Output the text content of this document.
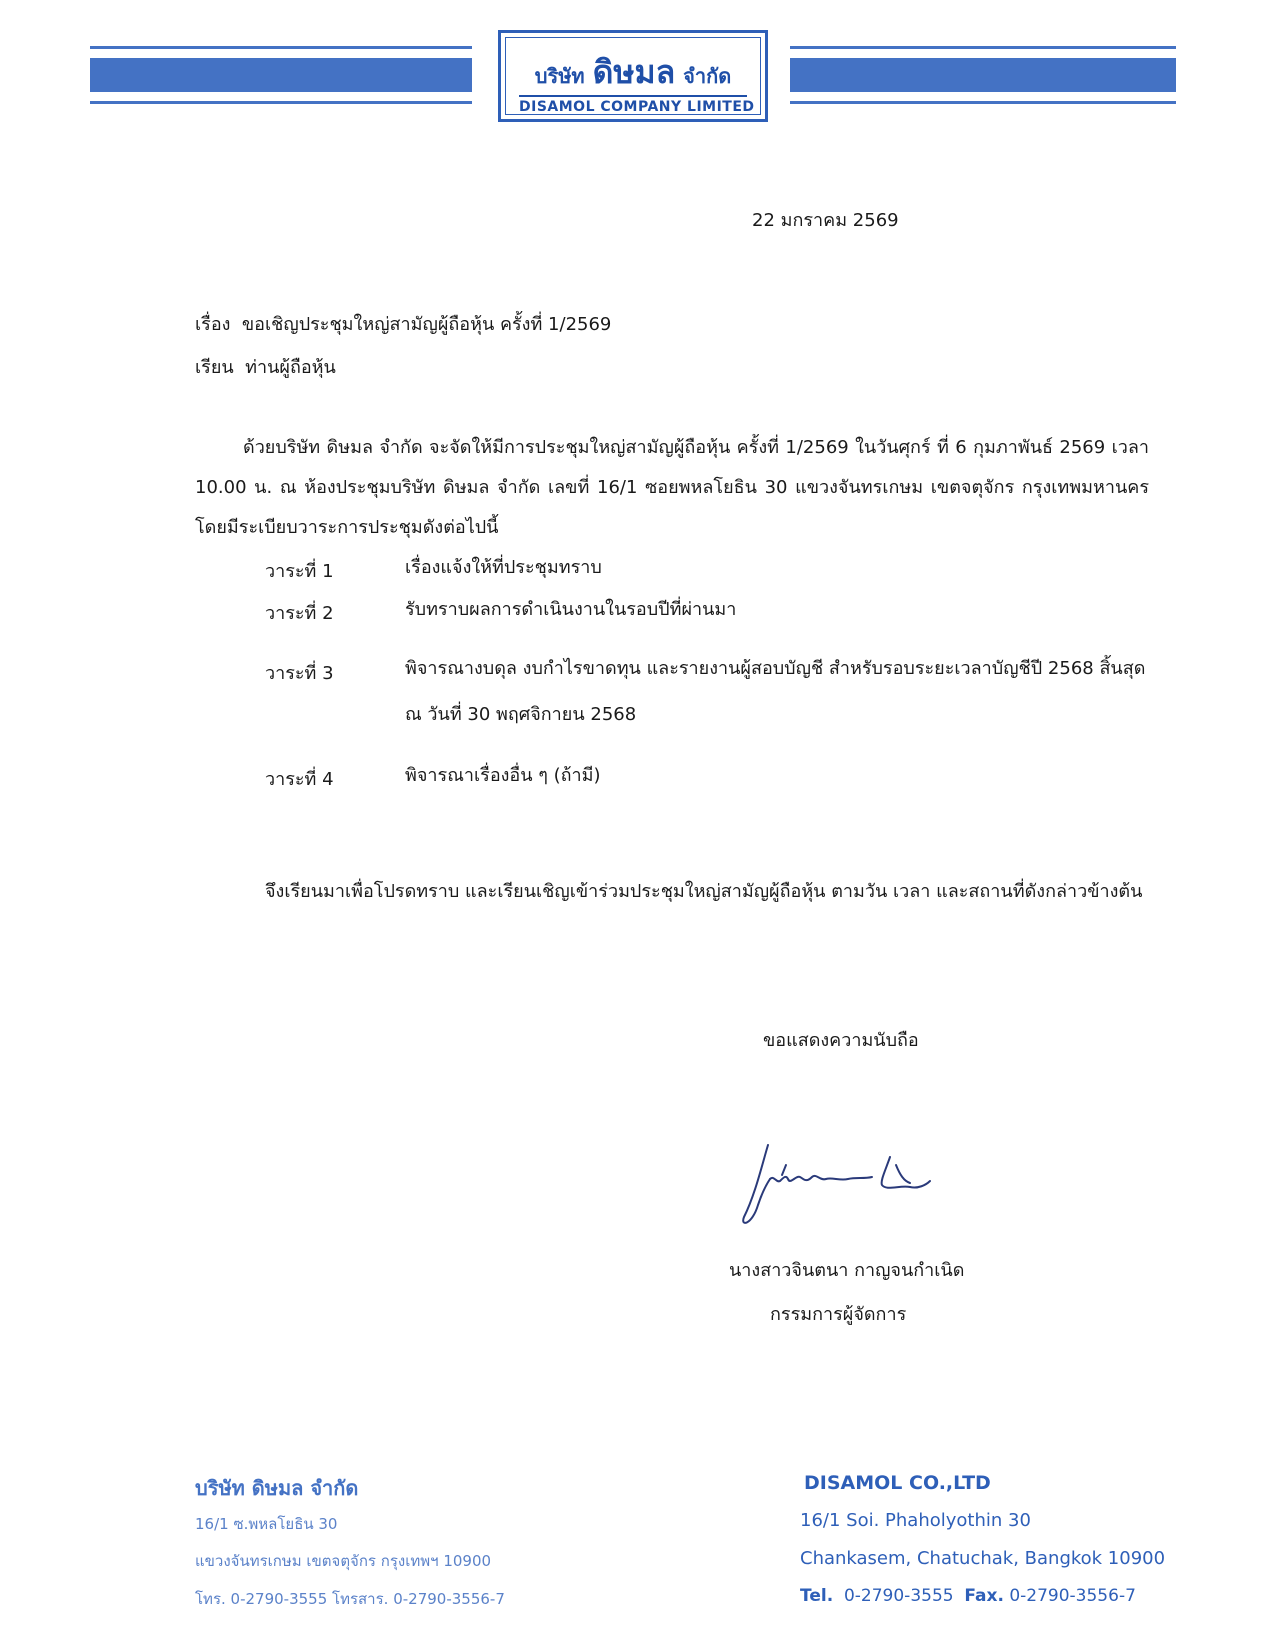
บริษัท ดิษมล จำกัด
DISAMOL COMPANY LIMITED
22 มกราคม 2569
เรื่อง ขอเชิญประชุมใหญ่สามัญผู้ถือหุ้น ครั้งที่ 1/2569
เรียน ท่านผู้ถือหุ้น
ด้วยบริษัท ดิษมล จำกัด จะจัดให้มีการประชุมใหญ่สามัญผู้ถือหุ้น ครั้งที่ 1/2569 ในวันศุกร์ ที่ 6 กุมภาพันธ์ 2569 เวลา 10.00 น. ณ ห้องประชุมบริษัท ดิษมล จำกัด เลขที่ 16/1 ซอยพหลโยธิน 30 แขวงจันทรเกษม เขตจตุจักร กรุงเทพมหานคร โดยมีระเบียบวาระการประชุมดังต่อไปนี้
วาระที่ 1	เรื่องแจ้งให้ที่ประชุมทราบ
วาระที่ 2	รับทราบผลการดำเนินงานในรอบปีที่ผ่านมา
วาระที่ 3	พิจารณางบดุล งบกำไรขาดทุน และรายงานผู้สอบบัญชี สำหรับรอบระยะเวลาบัญชีปี 2568 สิ้นสุด ณ วันที่ 30 พฤศจิกายน 2568
วาระที่ 4	พิจารณาเรื่องอื่น ๆ (ถ้ามี)
จึงเรียนมาเพื่อโปรดทราบ และเรียนเชิญเข้าร่วมประชุมใหญ่สามัญผู้ถือหุ้น ตามวัน เวลา และสถานที่ดังกล่าวข้างต้น
ขอแสดงความนับถือ
นางสาวจินตนา กาญจนกำเนิด
กรรมการผู้จัดการ
บริษัท ดิษมล จำกัด
16/1 ซ.พหลโยธิน 30
แขวงจันทรเกษม เขตจตุจักร กรุงเทพฯ 10900
โทร. 0-2790-3555 โทรสาร. 0-2790-3556-7
DISAMOL CO.,LTD
16/1 Soi. Phaholyothin 30
Chankasem, Chatuchak, Bangkok 10900
Tel. 0-2790-3555 Fax. 0-2790-3556-7
